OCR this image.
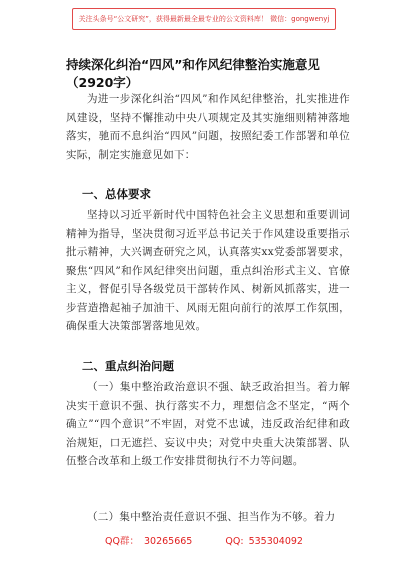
关注头条号“公文研究”，获得最新最全最专业的公文资料库！ 微信：gongwenyj
持续深化纠治“四风”和作风纪律整治实施意见（2920字）

为进一步深化纠治“四风”和作风纪律整治，扎实推进作风建设，坚持不懈推动中央八项规定及其实施细则精神落地落实，驰而不息纠治“四风”问题，按照纪委工作部署和单位实际，制定实施意见如下：

一、总体要求

坚持以习近平新时代中国特色社会主义思想和重要训词精神为指导，坚决贯彻习近平总书记关于作风建设重要指示批示精神，大兴调查研究之风，认真落实xx党委部署要求，聚焦“四风”和作风纪律突出问题，重点纠治形式主义、官僚主义，督促引导各级党员干部转作风、树新风抓落实，进一步营造撸起袖子加油干、风雨无阻向前行的浓厚工作氛围，确保重大决策部署落地见效。

二、重点纠治问题

（一）集中整治政治意识不强、缺乏政治担当。着力解决实干意识不强、执行落实不力，理想信念不坚定，“两个确立”“四个意识”不牢固，对党不忠诚，违反政治纪律和政治规矩，口无遮拦、妄议中央；对党中央重大决策部署、队伍整合改革和上级工作安排贯彻执行不力等问题。

（二）集中整治责任意识不强、担当作为不够。着力

QQ群： 30265665	QQ: 535304092
